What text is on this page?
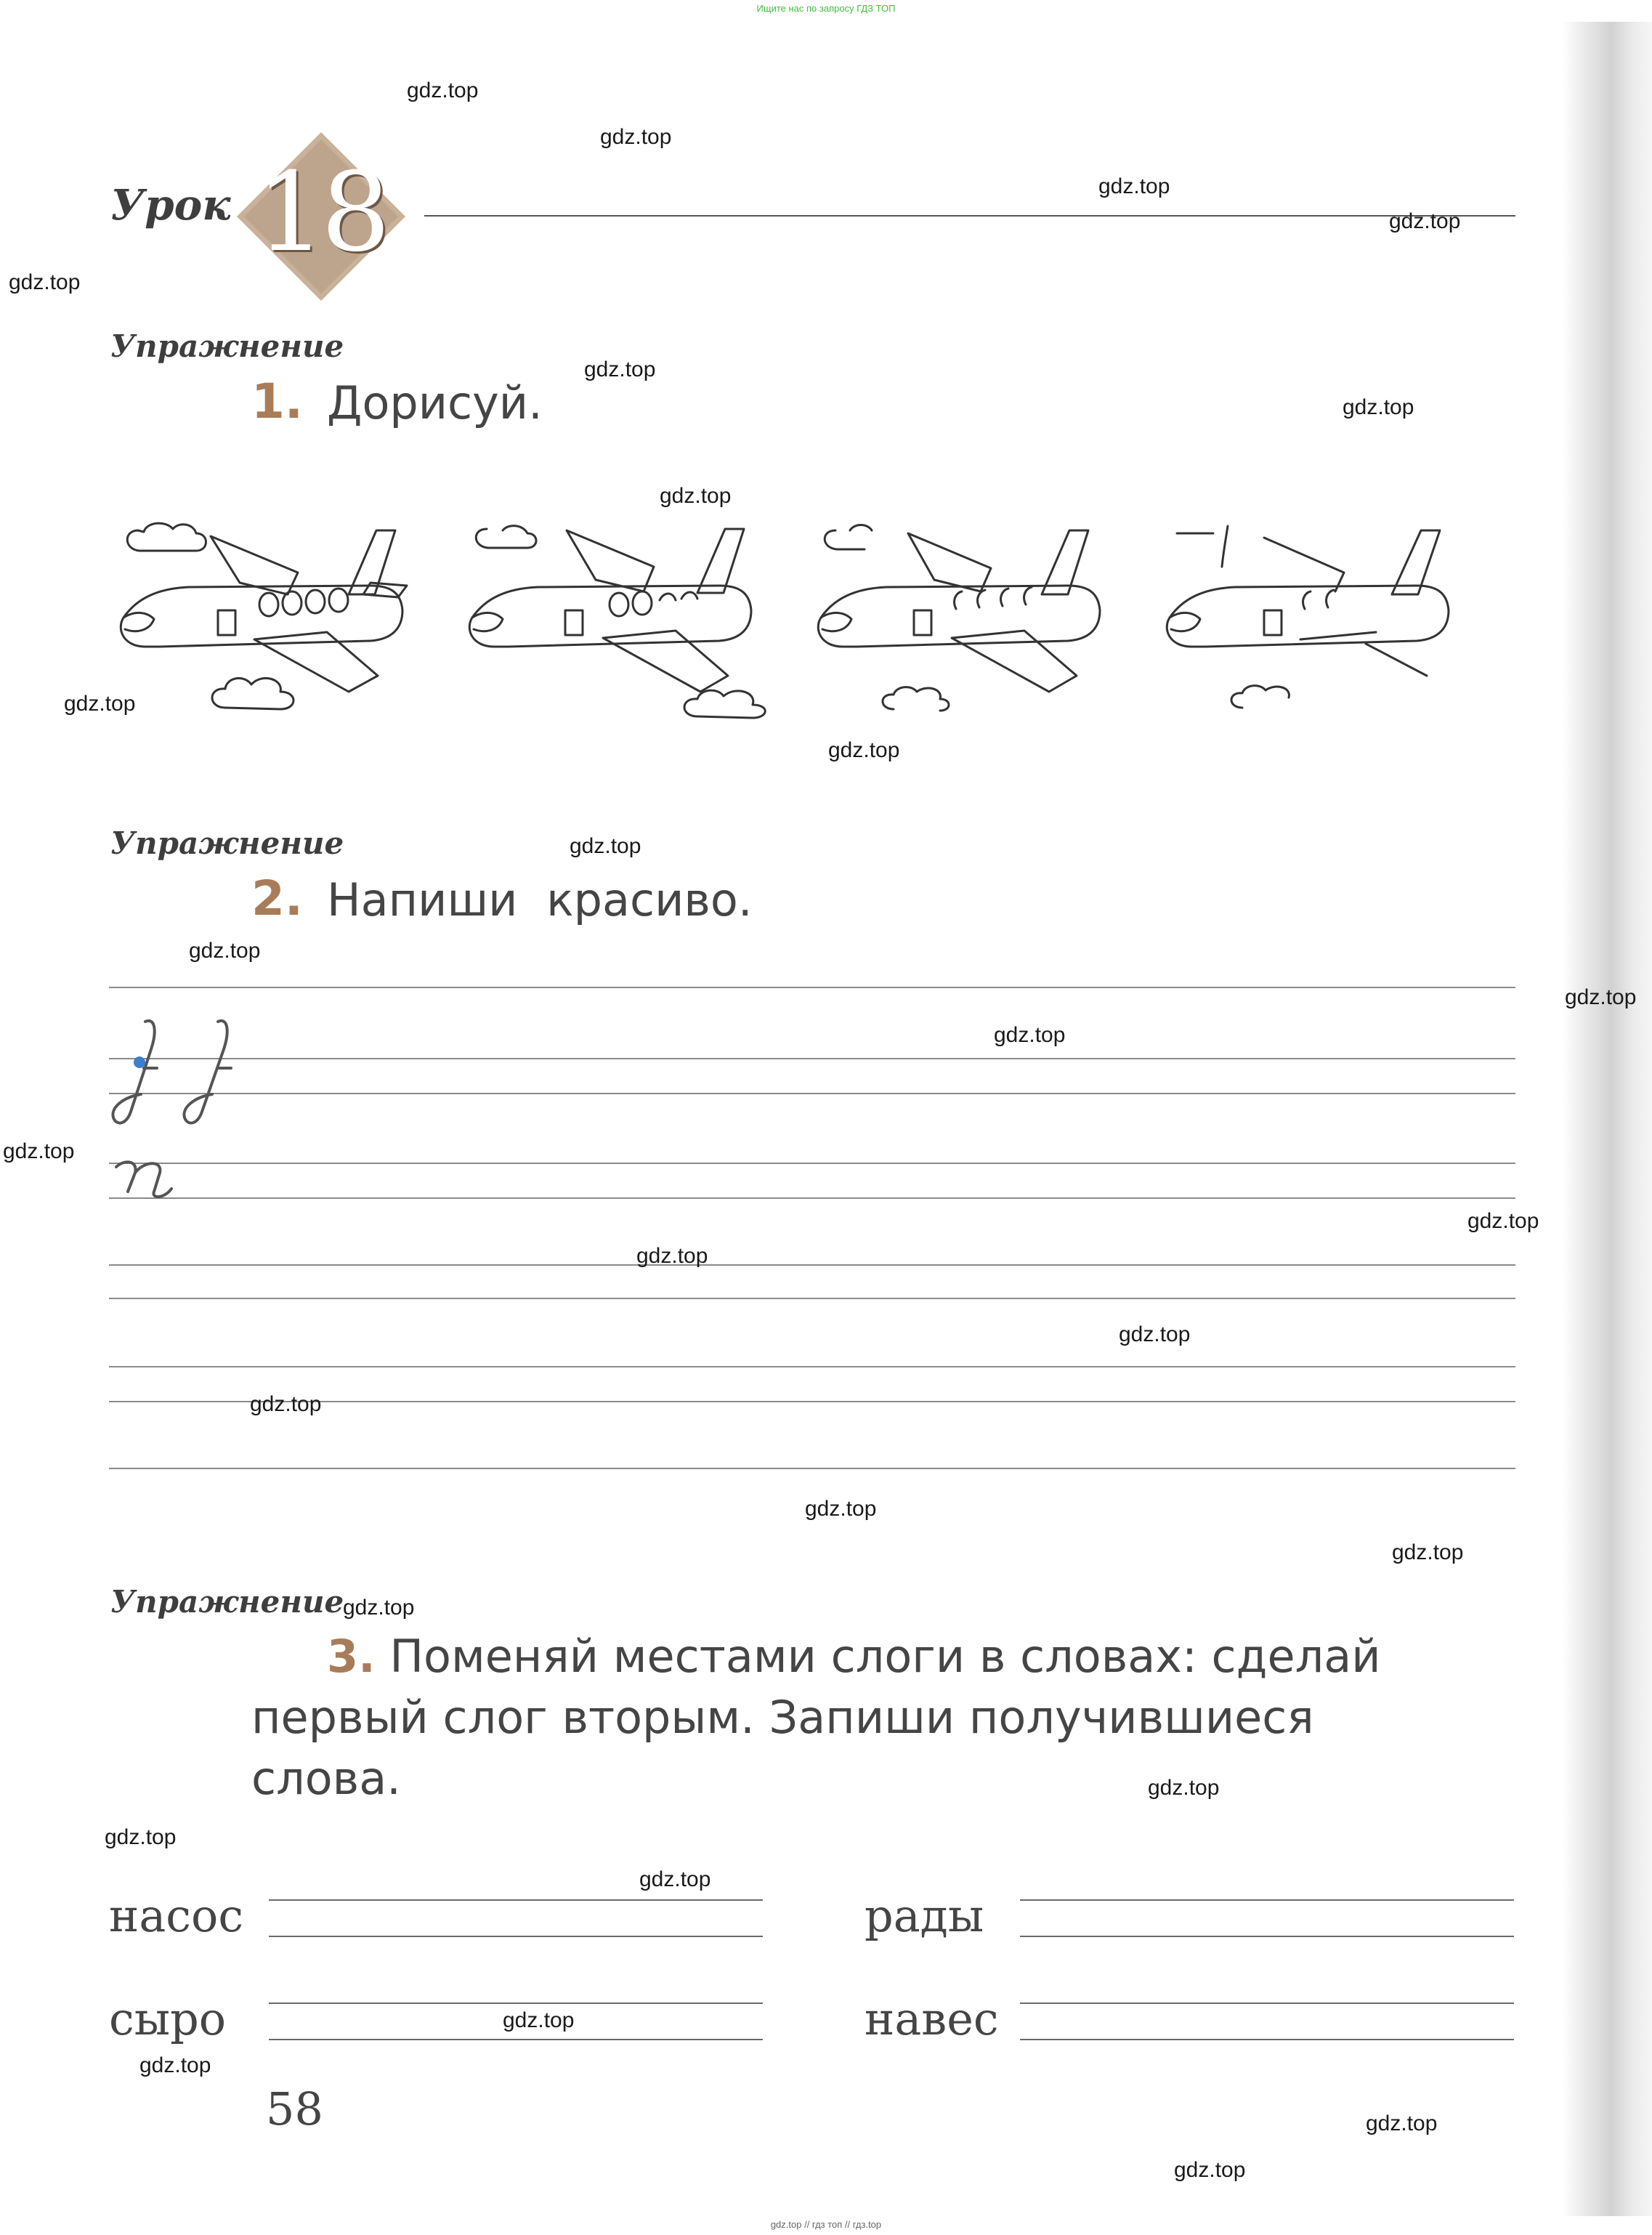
Ищите нас по запросу ГДЗ ТОП
Урок 18
Упражнение
1. Дорисуй.
Упражнение
2. Напиши красиво.
Упражнение
3. Поменяй местами слоги в словах: сделай
первый слог вторым. Запиши получившиеся
слова.
насос	рады
сыро	навес
58
gdz.top
gdz.top
gdz.top
gdz.top
gdz.top
gdz.top
gdz.top
gdz.top
gdz.top
gdz.top
gdz.top
gdz.top
gdz.top
gdz.top
gdz.top
gdz.top
gdz.top
gdz.top
gdz.top
gdz.top
gdz.top
gdz.top
gdz.top
gdz.top
gdz.top
gdz.top
gdz.top
gdz.top
gdz.top
gdz.top // гдз топ // гдз.top
